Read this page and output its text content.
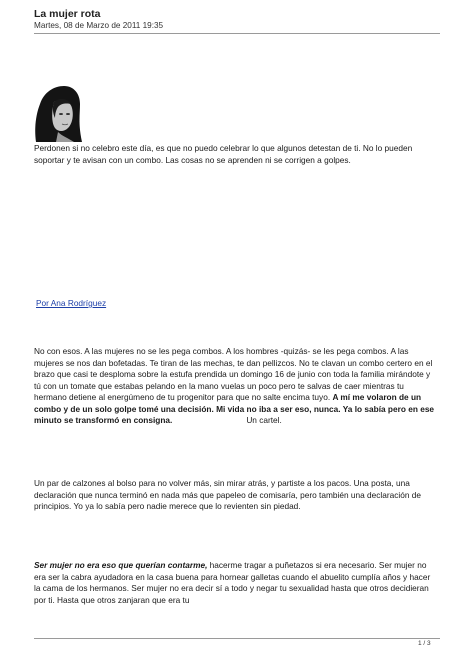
La mujer rota
Martes, 08 de Marzo de 2011 19:35

Perdonen si no celebro este día, es que no puedo celebrar lo que algunos detestan de ti. No lo pueden soportar y te avisan con un combo. Las cosas no se aprenden ni se corrigen a golpes.

Por Ana Rodríguez

No con esos. A las mujeres no se les pega combos. A los hombres -quizás- se les pega combos. A las mujeres se nos dan bofetadas. Te tiran de las mechas, te dan pellizcos. No te clavan un combo certero en el brazo que casi te desploma sobre la estufa prendida un domingo 16 de junio con toda la familia mirándote y tú con un tomate que estabas pelando en la mano vuelas un poco pero te salvas de caer mientras tu hermano detiene al energúmeno de tu progenitor para que no salte encima tuyo. A mí me volaron de un combo y de un solo golpe tomé una decisión. Mi vida no iba a ser eso, nunca. Ya lo sabía pero en ese minuto se transformó en consigna.	Un cartel.

Un par de calzones al bolso para no volver más, sin mirar atrás, y partiste a los pacos. Una posta, una declaración que nunca terminó en nada más que papeleo de comisaría, pero también una declaración de principios. Yo ya lo sabía pero nadie merece que lo revienten sin piedad.

Ser mujer no era eso que querían contarme, hacerme tragar a puñetazos si era necesario. Ser mujer no era ser la cabra ayudadora en la casa buena para hornear galletas cuando el abuelito cumplía años y hacer la cama de los hermanos. Ser mujer no era decir sí a todo y negar tu sexualidad hasta que otros decidieran por ti. Hasta que otros zanjaran que era tu

1 / 3
